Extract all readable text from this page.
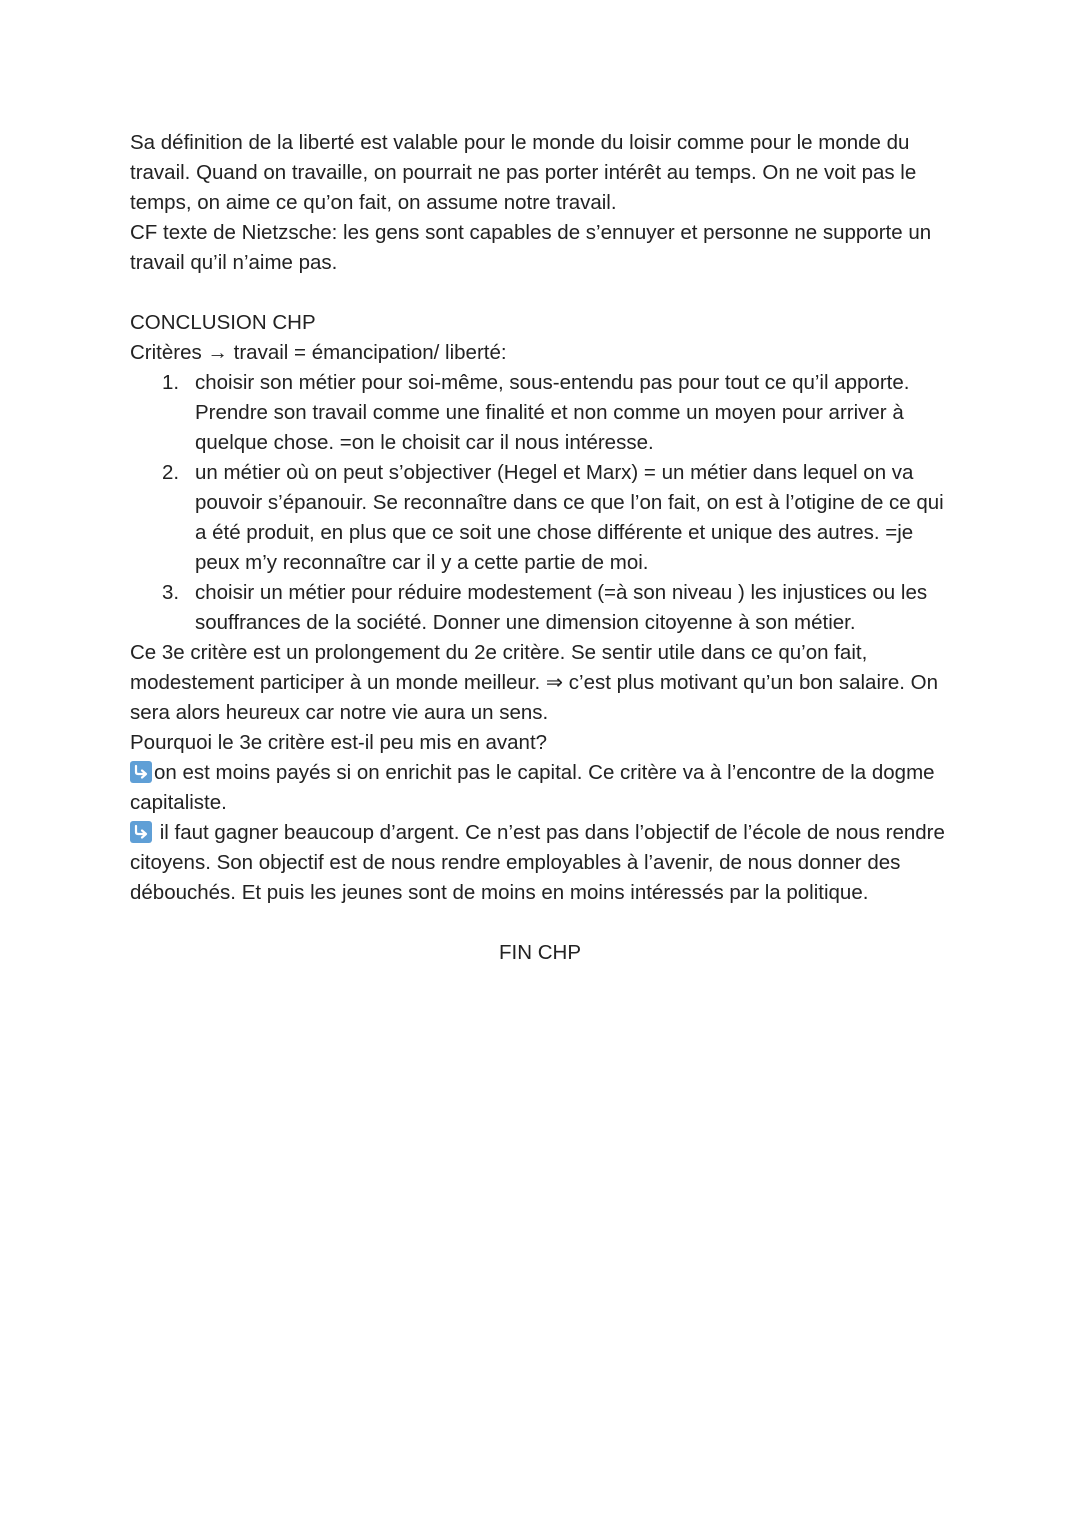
Sa définition de la liberté est valable pour le monde du loisir comme pour le monde du travail. Quand on travaille, on pourrait ne pas porter intérêt au temps. On ne voit pas le temps, on aime ce qu’on fait, on assume notre travail.

CF texte de Nietzsche: les gens sont capables de s’ennuyer et personne ne supporte un travail qu’il n’aime pas.

CONCLUSION CHP

Critères → travail = émancipation/ liberté:

1. choisir son métier pour soi-même, sous-entendu pas pour tout ce qu’il apporte. Prendre son travail comme une finalité et non comme un moyen pour arriver à quelque chose. =on le choisit car il nous intéresse.
2. un métier où on peut s’objectiver (Hegel et Marx) = un métier dans lequel on va pouvoir s’épanouir. Se reconnaître dans ce que l’on fait, on est à l’otigine de ce qui a été produit, en plus que ce soit une chose différente et unique des autres. =je peux m’y reconnaître car il y a cette partie de moi.
3. choisir un métier pour réduire modestement (=à son niveau ) les injustices ou les souffrances de la société. Donner une dimension citoyenne à son métier.

Ce 3e critère est un prolongement du 2e critère. Se sentir utile dans ce qu’on fait, modestement participer à un monde meilleur. ⇒ c’est plus motivant qu’un bon salaire. On sera alors heureux car notre vie aura un sens.

Pourquoi le 3e critère est-il peu mis en avant?

on est moins payés si on enrichit pas le capital. Ce critère va à l’encontre de la dogme capitaliste.

il faut gagner beaucoup d’argent. Ce n’est pas dans l’objectif de l’école de nous rendre citoyens. Son objectif est de nous rendre employables à l’avenir, de nous donner des débouchés. Et puis les jeunes sont de moins en moins intéressés par la politique.

FIN CHP
